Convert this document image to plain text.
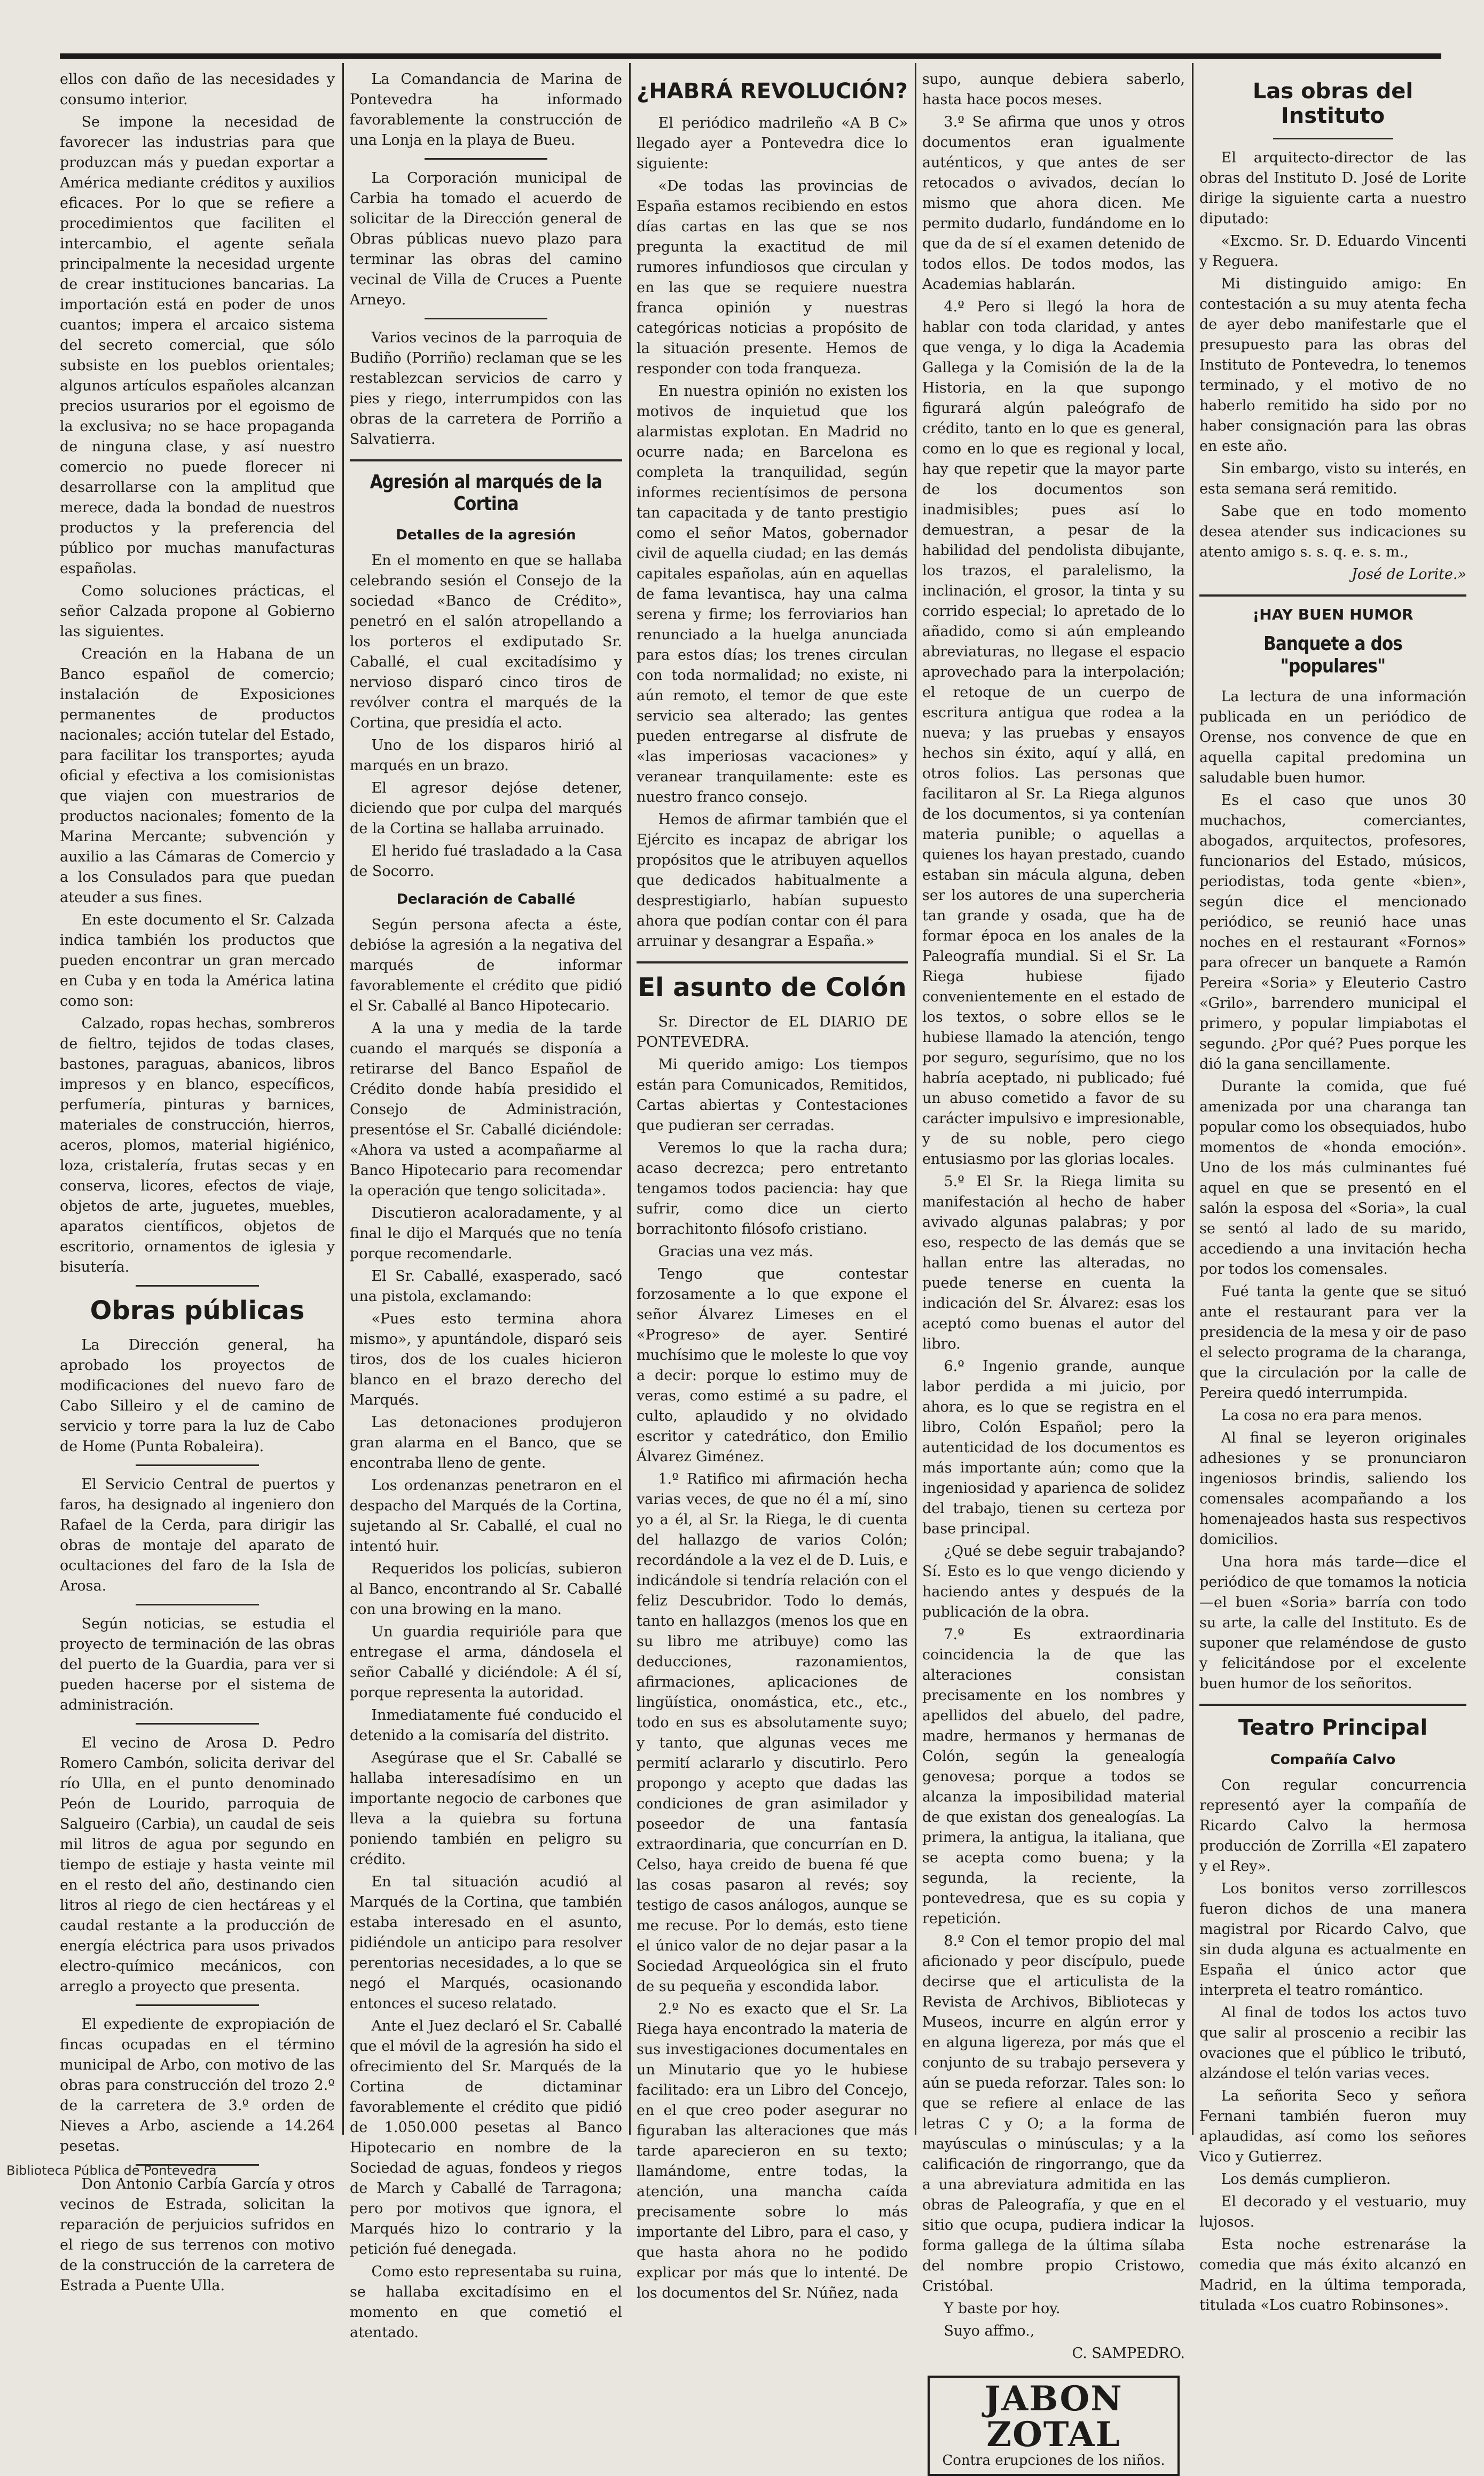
ellos con daño de las necesidades y consumo interior.

Se impone la necesidad de favorecer las industrias para que produzcan más y puedan exportar a América mediante créditos y auxilios eficaces. Por lo que se refiere a procedimientos que faciliten el intercambio, el agente señala principalmente la necesidad urgente de crear instituciones bancarias. La importación está en poder de unos cuantos; impera el arcaico sistema del secreto comercial, que sólo subsiste en los pueblos orientales; algunos artículos españoles alcanzan precios usurarios por el egoismo de la exclusiva; no se hace propaganda de ninguna clase, y así nuestro comercio no puede florecer ni desarrollarse con la amplitud que merece, dada la bondad de nuestros productos y la preferencia del público por muchas manufacturas españolas.

Como soluciones prácticas, el señor Calzada propone al Gobierno las siguientes.

Creación en la Habana de un Banco español de comercio; instalación de Exposiciones permanentes de productos nacionales; acción tutelar del Estado, para facilitar los transportes; ayuda oficial y efectiva a los comisionistas que viajen con muestrarios de productos nacionales; fomento de la Marina Mercante; subvención y auxilio a las Cámaras de Comercio y a los Consulados para que puedan ateuder a sus fines.

En este documento el Sr. Calzada indica también los productos que pueden encontrar un gran mercado en Cuba y en toda la América latina como son:

Calzado, ropas hechas, sombreros de fieltro, tejidos de todas clases, bastones, paraguas, abanicos, libros impresos y en blanco, específicos, perfumería, pinturas y barnices, materiales de construcción, hierros, aceros, plomos, material higiénico, loza, cristalería, frutas secas y en conserva, licores, efectos de viaje, objetos de arte, juguetes, muebles, aparatos científicos, objetos de escritorio, ornamentos de iglesia y bisutería.

Obras públicas

La Dirección general, ha aprobado los proyectos de modificaciones del nuevo faro de Cabo Silleiro y el de camino de servicio y torre para la luz de Cabo de Home (Punta Robaleira).

El Servicio Central de puertos y faros, ha designado al ingeniero don Rafael de la Cerda, para dirigir las obras de montaje del aparato de ocultaciones del faro de la Isla de Arosa.

Según noticias, se estudia el proyecto de terminación de las obras del puerto de la Guardia, para ver si pueden hacerse por el sistema de administración.

El vecino de Arosa D. Pedro Romero Cambón, solicita derivar del río Ulla, en el punto denominado Peón de Lourido, parroquia de Salgueiro (Carbia), un caudal de seis mil litros de agua por segundo en tiempo de estiaje y hasta veinte mil en el resto del año, destinando cien litros al riego de cien hectáreas y el caudal restante a la producción de energía eléctrica para usos privados electro-químico mecánicos, con arreglo a proyecto que presenta.

El expediente de expropiación de fincas ocupadas en el término municipal de Arbo, con motivo de las obras para construcción del trozo 2.º de la carretera de 3.º orden de Nieves a Arbo, asciende a 14.264 pesetas.

Don Antonio Carbía García y otros vecinos de Estrada, solicitan la reparación de perjuicios sufridos en el riego de sus terrenos con motivo de la construcción de la carretera de Estrada a Puente Ulla.

La Comandancia de Marina de Pontevedra ha informado favorablemente la construcción de una Lonja en la playa de Bueu.

La Corporación municipal de Carbia ha tomado el acuerdo de solicitar de la Dirección general de Obras públicas nuevo plazo para terminar las obras del camino vecinal de Villa de Cruces a Puente Arneyo.

Varios vecinos de la parroquia de Budiño (Porriño) reclaman que se les restablezcan servicios de carro y pies y riego, interrumpidos con las obras de la carretera de Porriño a Salvatierra.

Agresión al marqués de la Cortina
Detalles de la agresión

En el momento en que se hallaba celebrando sesión el Consejo de la sociedad «Banco de Crédito», penetró en el salón atropellando a los porteros el exdiputado Sr. Caballé, el cual excitadísimo y nervioso disparó cinco tiros de revólver contra el marqués de la Cortina, que presidía el acto.

Uno de los disparos hirió al marqués en un brazo.

El agresor dejóse detener, diciendo que por culpa del marqués de la Cortina se hallaba arruinado.

El herido fué trasladado a la Casa de Socorro.

Declaración de Caballé

Según persona afecta a éste, debióse la agresión a la negativa del marqués de informar favorablemente el crédito que pidió el Sr. Caballé al Banco Hipotecario.

A la una y media de la tarde cuando el marqués se disponía a retirarse del Banco Español de Crédito donde había presidido el Consejo de Administración, presentóse el Sr. Caballé diciéndole: «Ahora va usted a acompañarme al Banco Hipotecario para recomendar la operación que tengo solicitada».

Discutieron acaloradamente, y al final le dijo el Marqués que no tenía porque recomendarle.

El Sr. Caballé, exasperado, sacó una pistola, exclamando:

«Pues esto termina ahora mismo», y apuntándole, disparó seis tiros, dos de los cuales hicieron blanco en el brazo derecho del Marqués.

Las detonaciones produjeron gran alarma en el Banco, que se encontraba lleno de gente.

Los ordenanzas penetraron en el despacho del Marqués de la Cortina, sujetando al Sr. Caballé, el cual no intentó huir.

Requeridos los policías, subieron al Banco, encontrando al Sr. Caballé con una browing en la mano.

Un guardia requirióle para que entregase el arma, dándosela el señor Caballé y diciéndole: A él sí, porque representa la autoridad.

Inmediatamente fué conducido el detenido a la comisaría del distrito.

Asegúrase que el Sr. Caballé se hallaba interesadísimo en un importante negocio de carbones que lleva a la quiebra su fortuna poniendo también en peligro su crédito.

En tal situación acudió al Marqués de la Cortina, que también estaba interesado en el asunto, pidiéndole un anticipo para resolver perentorias necesidades, a lo que se negó el Marqués, ocasionando entonces el suceso relatado.

Ante el Juez declaró el Sr. Caballé que el móvil de la agresión ha sido el ofrecimiento del Sr. Marqués de la Cortina de dictaminar favorablemente el crédito que pidió de 1.050.000 pesetas al Banco Hipotecario en nombre de la Sociedad de aguas, fondeos y riegos de March y Caballé de Tarragona; pero por motivos que ignora, el Marqués hizo lo contrario y la petición fué denegada.

Como esto representaba su ruina, se hallaba excitadísimo en el momento en que cometió el atentado.

¿HABRÁ REVOLUCIÓN?

El periódico madrileño «A B C» llegado ayer a Pontevedra dice lo siguiente:

«De todas las provincias de España estamos recibiendo en estos días cartas en las que se nos pregunta la exactitud de mil rumores infundiosos que circulan y en las que se requiere nuestra franca opinión y nuestras categóricas noticias a propósito de la situación presente. Hemos de responder con toda franqueza.

En nuestra opinión no existen los motivos de inquietud que los alarmistas explotan. En Madrid no ocurre nada; en Barcelona es completa la tranquilidad, según informes recientísimos de persona tan capacitada y de tanto prestigio como el señor Matos, gobernador civil de aquella ciudad; en las demás capitales españolas, aún en aquellas de fama levantisca, hay una calma serena y firme; los ferroviarios han renunciado a la huelga anunciada para estos días; los trenes circulan con toda normalidad; no existe, ni aún remoto, el temor de que este servicio sea alterado; las gentes pueden entregarse al disfrute de «las imperiosas vacaciones» y veranear tranquilamente: este es nuestro franco consejo.

Hemos de afirmar también que el Ejército es incapaz de abrigar los propósitos que le atribuyen aquellos que dedicados habitualmente a desprestigiarlo, habían supuesto ahora que podían contar con él para arruinar y desangrar a España.»

El asunto de Colón

Sr. Director de EL DIARIO DE PONTEVEDRA.

Mi querido amigo: Los tiempos están para Comunicados, Remitidos, Cartas abiertas y Contestaciones que pudieran ser cerradas.

Veremos lo que la racha dura; acaso decrezca; pero entretanto tengamos todos paciencia: hay que sufrir, como dice un cierto borrachitonto filósofo cristiano.

Gracias una vez más.

Tengo que contestar forzosamente a lo que expone el señor Álvarez Limeses en el «Progreso» de ayer. Sentiré muchísimo que le moleste lo que voy a decir: porque lo estimo muy de veras, como estimé a su padre, el culto, aplaudido y no olvidado escritor y catedrático, don Emilio Álvarez Giménez.

1.º Ratifico mi afirmación hecha varias veces, de que no él a mí, sino yo a él, al Sr. la Riega, le di cuenta del hallazgo de varios Colón; recordándole a la vez el de D. Luis, e indicándole si tendría relación con el feliz Descubridor. Todo lo demás, tanto en hallazgos (menos los que en su libro me atribuye) como las deducciones, razonamientos, afirmaciones, aplicaciones de lingüística, onomástica, etc., etc., todo en sus es absolutamente suyo; y tanto, que algunas veces me permití aclararlo y discutirlo. Pero propongo y acepto que dadas las condiciones de gran asimilador y poseedor de una fantasía extraordinaria, que concurrían en D. Celso, haya creido de buena fé que las cosas pasaron al revés; soy testigo de casos análogos, aunque se me recuse. Por lo demás, esto tiene el único valor de no dejar pasar a la Sociedad Arqueológica sin el fruto de su pequeña y escondida labor.

2.º No es exacto que el Sr. La Riega haya encontrado la materia de sus investigaciones documentales en un Minutario que yo le hubiese facilitado: era un Libro del Concejo, en el que creo poder asegurar no figuraban las alteraciones que más tarde aparecieron en su texto; llamándome, entre todas, la atención, una mancha caída precisamente sobre lo más importante del Libro, para el caso, y que hasta ahora no he podido explicar por más que lo intenté. De los documentos del Sr. Núñez, nada

supo, aunque debiera saberlo, hasta hace pocos meses.

3.º Se afirma que unos y otros documentos eran igualmente auténticos, y que antes de ser retocados o avivados, decían lo mismo que ahora dicen. Me permito dudarlo, fundándome en lo que da de sí el examen detenido de todos ellos. De todos modos, las Academias hablarán.

4.º Pero si llegó la hora de hablar con toda claridad, y antes que venga, y lo diga la Academia Gallega y la Comisión de la de la Historia, en la que supongo figurará algún paleógrafo de crédito, tanto en lo que es general, como en lo que es regional y local, hay que repetir que la mayor parte de los documentos son inadmisibles; pues así lo demuestran, a pesar de la habilidad del pendolista dibujante, los trazos, el paralelismo, la inclinación, el grosor, la tinta y su corrido especial; lo apretado de lo añadido, como si aún empleando abreviaturas, no llegase el espacio aprovechado para la interpolación; el retoque de un cuerpo de escritura antigua que rodea a la nueva; y las pruebas y ensayos hechos sin éxito, aquí y allá, en otros folios. Las personas que facilitaron al Sr. La Riega algunos de los documentos, si ya contenían materia punible; o aquellas a quienes los hayan prestado, cuando estaban sin mácula alguna, deben ser los autores de una supercheria tan grande y osada, que ha de formar época en los anales de la Paleografía mundial. Si el Sr. La Riega hubiese fijado convenientemente en el estado de los textos, o sobre ellos se le hubiese llamado la atención, tengo por seguro, segurísimo, que no los habría aceptado, ni publicado; fué un abuso cometido a favor de su carácter impulsivo e impresionable, y de su noble, pero ciego entusiasmo por las glorias locales.

5.º El Sr. la Riega limita su manifestación al hecho de haber avivado algunas palabras; y por eso, respecto de las demás que se hallan entre las alteradas, no puede tenerse en cuenta la indicación del Sr. Álvarez: esas los aceptó como buenas el autor del libro.

6.º Ingenio grande, aunque labor perdida a mi juicio, por ahora, es lo que se registra en el libro, Colón Español; pero la autenticidad de los documentos es más importante aún; como que la ingeniosidad y aparienca de solidez del trabajo, tienen su certeza por base principal.

¿Qué se debe seguir trabajando? Sí. Esto es lo que vengo diciendo y haciendo antes y después de la publicación de la obra.

7.º Es extraordinaria coincidencia la de que las alteraciones consistan precisamente en los nombres y apellidos del abuelo, del padre, madre, hermanos y hermanas de Colón, según la genealogía genovesa; porque a todos se alcanza la imposibilidad material de que existan dos genealogías. La primera, la antigua, la italiana, que se acepta como buena; y la segunda, la reciente, la pontevedresa, que es su copia y repetición.

8.º Con el temor propio del mal aficionado y peor discípulo, puede decirse que el articulista de la Revista de Archivos, Bibliotecas y Museos, incurre en algún error y en alguna ligereza, por más que el conjunto de su trabajo persevera y aún se pueda reforzar. Tales son: lo que se refiere al enlace de las letras C y O; a la forma de mayúsculas o minúsculas; y a la calificación de ringorrango, que da a una abreviatura admitida en las obras de Paleografía, y que en el sitio que ocupa, pudiera indicar la forma gallega de la última sílaba del nombre propio Cristowo, Cristóbal.

Y baste por hoy.

Suyo affmo.,

C. SAMPEDRO.

JABON ZOTAL
Contra erupciones de los niños.
Las obras del Instituto

El arquitecto-director de las obras del Instituto D. José de Lorite dirige la siguiente carta a nuestro diputado:

«Excmo. Sr. D. Eduardo Vincenti y Reguera.

Mi distinguido amigo: En contestación a su muy atenta fecha de ayer debo manifestarle que el presupuesto para las obras del Instituto de Pontevedra, lo tenemos terminado, y el motivo de no haberlo remitido ha sido por no haber consignación para las obras en este año.

Sin embargo, visto su interés, en esta semana será remitido.

Sabe que en todo momento desea atender sus indicaciones su atento amigo s. s. q. e. s. m.,

José de Lorite.»

¡HAY BUEN HUMOR
Banquete a dos "populares"

La lectura de una información publicada en un periódico de Orense, nos convence de que en aquella capital predomina un saludable buen humor.

Es el caso que unos 30 muchachos, comerciantes, abogados, arquitectos, profesores, funcionarios del Estado, músicos, periodistas, toda gente «bien», según dice el mencionado periódico, se reunió hace unas noches en el restaurant «Fornos» para ofrecer un banquete a Ramón Pereira «Soria» y Eleuterio Castro «Grilo», barrendero municipal el primero, y popular limpiabotas el segundo. ¿Por qué? Pues porque les dió la gana sencillamente.

Durante la comida, que fué amenizada por una charanga tan popular como los obsequiados, hubo momentos de «honda emoción». Uno de los más culminantes fué aquel en que se presentó en el salón la esposa del «Soria», la cual se sentó al lado de su marido, accediendo a una invitación hecha por todos los comensales.

Fué tanta la gente que se situó ante el restaurant para ver la presidencia de la mesa y oir de paso el selecto programa de la charanga, que la circulación por la calle de Pereira quedó interrumpida.

La cosa no era para menos.

Al final se leyeron originales adhesiones y se pronunciaron ingeniosos brindis, saliendo los comensales acompañando a los homenajeados hasta sus respectivos domicilios.

Una hora más tarde—dice el periódico de que tomamos la noticia—el buen «Soria» barría con todo su arte, la calle del Instituto. Es de suponer que relaméndose de gusto y felicitándose por el excelente buen humor de los señoritos.

Teatro Principal
Compañía Calvo

Con regular concurrencia representó ayer la compañía de Ricardo Calvo la hermosa producción de Zorrilla «El zapatero y el Rey».

Los bonitos verso zorrillescos fueron dichos de una manera magistral por Ricardo Calvo, que sin duda alguna es actualmente en España el único actor que interpreta el teatro romántico.

Al final de todos los actos tuvo que salir al proscenio a recibir las ovaciones que el público le tributó, alzándose el telón varias veces.

La señorita Seco y señora Fernani también fueron muy aplaudidas, así como los señores Vico y Gutierrez.

Los demás cumplieron.

El decorado y el vestuario, muy lujosos.

Esta noche estrenaráse la comedia que más éxito alcanzó en Madrid, en la última temporada, titulada «Los cuatro Robinsones».

Biblioteca Pública de Pontevedra
